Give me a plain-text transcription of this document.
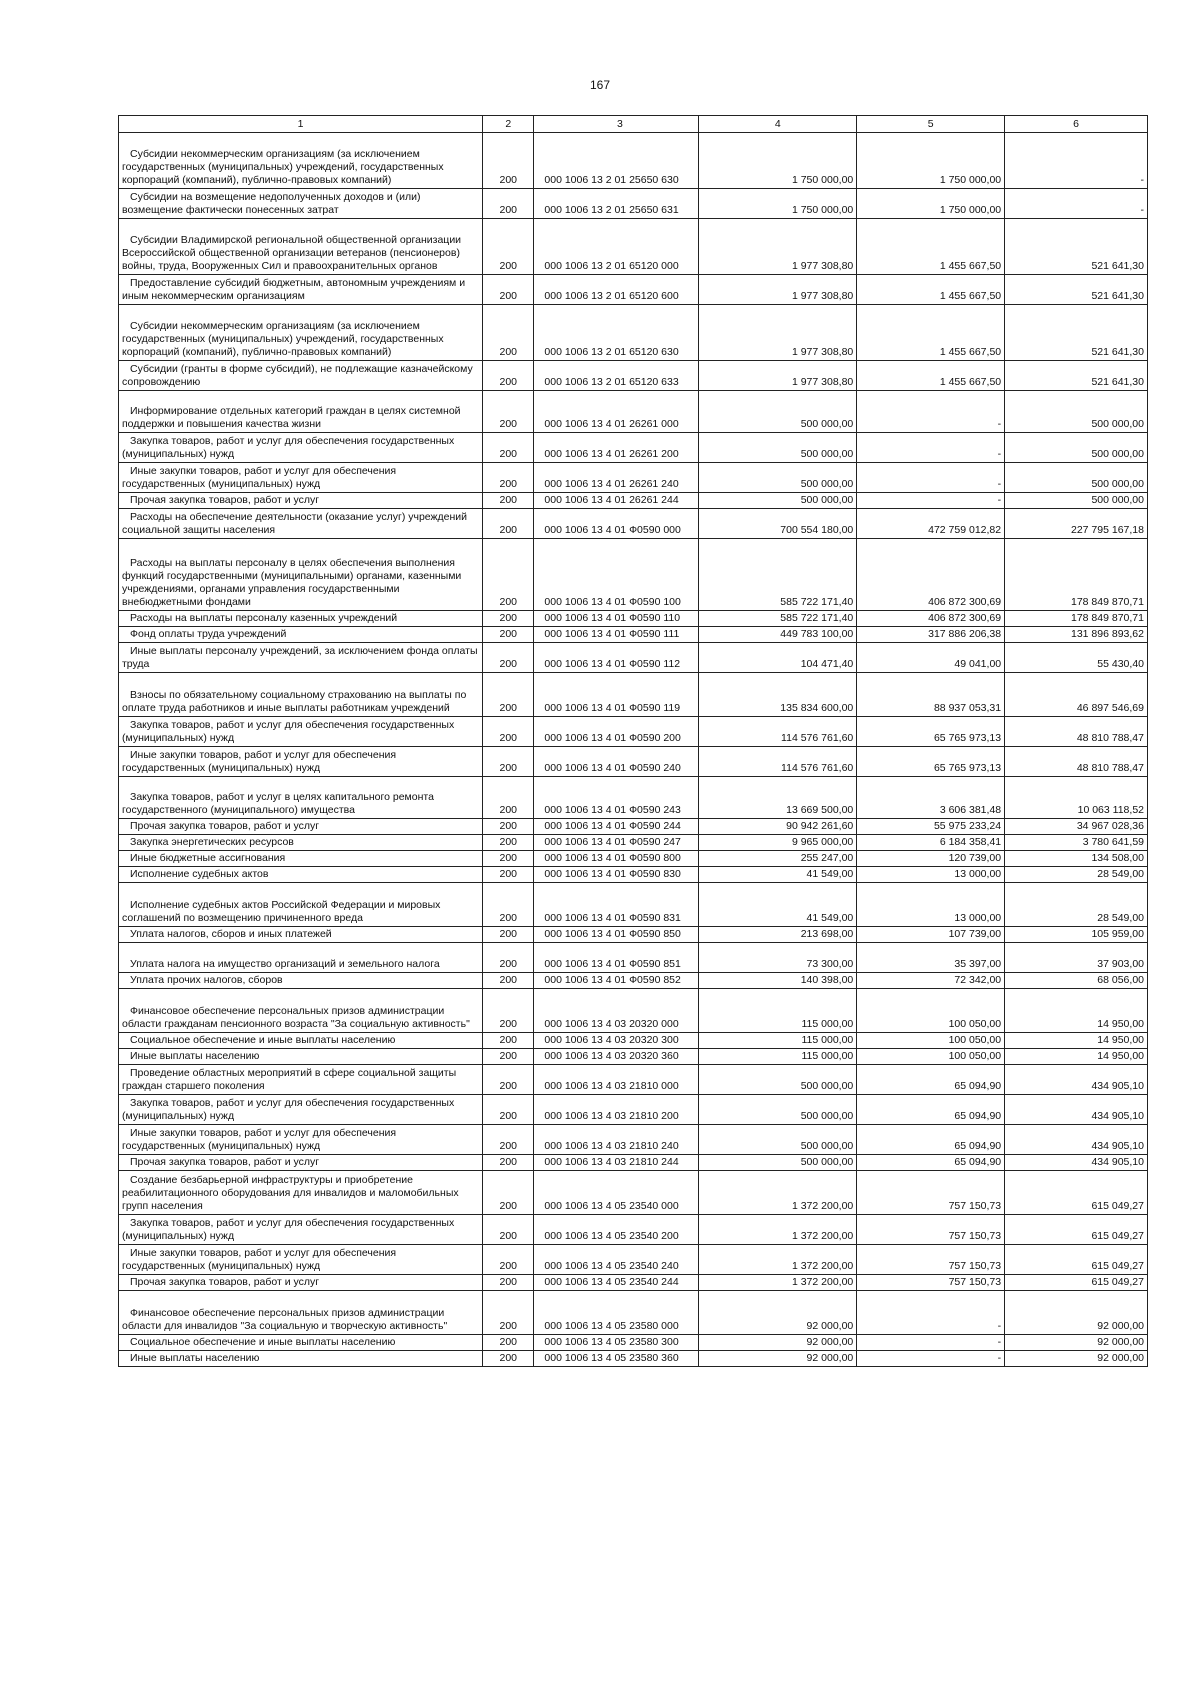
167
1	2	3	4	5	6

Субсидии некоммерческим организациям (за исключением государственных (муниципальных) учреждений, государственных корпораций (компаний), публично-правовых компаний)	200	000 1006 13 2 01 25650 630	1 750 000,00	1 750 000,00	-

Субсидии на возмещение недополученных доходов и (или) возмещение фактически понесенных затрат	200	000 1006 13 2 01 25650 631	1 750 000,00	1 750 000,00	-

Субсидии Владимирской региональной общественной организации Всероссийской общественной организации ветеранов (пенсионеров) войны, труда, Вооруженных Сил и правоохранительных органов	200	000 1006 13 2 01 65120 000	1 977 308,80	1 455 667,50	521 641,30

Предоставление субсидий бюджетным, автономным учреждениям и иным некоммерческим организациям	200	000 1006 13 2 01 65120 600	1 977 308,80	1 455 667,50	521 641,30

Субсидии некоммерческим организациям (за исключением государственных (муниципальных) учреждений, государственных корпораций (компаний), публично-правовых компаний)	200	000 1006 13 2 01 65120 630	1 977 308,80	1 455 667,50	521 641,30

Субсидии (гранты в форме субсидий), не подлежащие казначейскому сопровождению	200	000 1006 13 2 01 65120 633	1 977 308,80	1 455 667,50	521 641,30

Информирование отдельных категорий граждан в целях системной поддержки и повышения качества жизни	200	000 1006 13 4 01 26261 000	500 000,00	-	500 000,00

Закупка товаров, работ и услуг для обеспечения государственных (муниципальных) нужд	200	000 1006 13 4 01 26261 200	500 000,00	-	500 000,00

Иные закупки товаров, работ и услуг для обеспечения государственных (муниципальных) нужд	200	000 1006 13 4 01 26261 240	500 000,00	-	500 000,00

Прочая закупка товаров, работ и услуг	200	000 1006 13 4 01 26261 244	500 000,00	-	500 000,00

Расходы на обеспечение деятельности (оказание услуг) учреждений социальной защиты населения	200	000 1006 13 4 01 Ф0590 000	700 554 180,00	472 759 012,82	227 795 167,18

Расходы на выплаты персоналу в целях обеспечения выполнения функций государственными (муниципальными) органами, казенными учреждениями, органами управления государственными внебюджетными фондами	200	000 1006 13 4 01 Ф0590 100	585 722 171,40	406 872 300,69	178 849 870,71

Расходы на выплаты персоналу казенных учреждений	200	000 1006 13 4 01 Ф0590 110	585 722 171,40	406 872 300,69	178 849 870,71

Фонд оплаты труда учреждений	200	000 1006 13 4 01 Ф0590 111	449 783 100,00	317 886 206,38	131 896 893,62

Иные выплаты персоналу учреждений, за исключением фонда оплаты труда	200	000 1006 13 4 01 Ф0590 112	104 471,40	49 041,00	55 430,40

Взносы по обязательному социальному страхованию на выплаты по оплате труда работников и иные выплаты работникам учреждений	200	000 1006 13 4 01 Ф0590 119	135 834 600,00	88 937 053,31	46 897 546,69

Закупка товаров, работ и услуг для обеспечения государственных (муниципальных) нужд	200	000 1006 13 4 01 Ф0590 200	114 576 761,60	65 765 973,13	48 810 788,47

Иные закупки товаров, работ и услуг для обеспечения государственных (муниципальных) нужд	200	000 1006 13 4 01 Ф0590 240	114 576 761,60	65 765 973,13	48 810 788,47

Закупка товаров, работ и услуг в целях капитального ремонта государственного (муниципального) имущества	200	000 1006 13 4 01 Ф0590 243	13 669 500,00	3 606 381,48	10 063 118,52

Прочая закупка товаров, работ и услуг	200	000 1006 13 4 01 Ф0590 244	90 942 261,60	55 975 233,24	34 967 028,36

Закупка энергетических ресурсов	200	000 1006 13 4 01 Ф0590 247	9 965 000,00	6 184 358,41	3 780 641,59

Иные бюджетные ассигнования	200	000 1006 13 4 01 Ф0590 800	255 247,00	120 739,00	134 508,00

Исполнение судебных актов	200	000 1006 13 4 01 Ф0590 830	41 549,00	13 000,00	28 549,00

Исполнение судебных актов Российской Федерации и мировых соглашений по возмещению причиненного вреда	200	000 1006 13 4 01 Ф0590 831	41 549,00	13 000,00	28 549,00

Уплата налогов, сборов и иных платежей	200	000 1006 13 4 01 Ф0590 850	213 698,00	107 739,00	105 959,00

Уплата налога на имущество организаций и земельного налога	200	000 1006 13 4 01 Ф0590 851	73 300,00	35 397,00	37 903,00

Уплата прочих налогов, сборов	200	000 1006 13 4 01 Ф0590 852	140 398,00	72 342,00	68 056,00

Финансовое обеспечение персональных призов администрации области гражданам пенсионного возраста "За социальную активность"	200	000 1006 13 4 03 20320 000	115 000,00	100 050,00	14 950,00

Социальное обеспечение и иные выплаты населению	200	000 1006 13 4 03 20320 300	115 000,00	100 050,00	14 950,00

Иные выплаты населению	200	000 1006 13 4 03 20320 360	115 000,00	100 050,00	14 950,00

Проведение областных мероприятий в сфере социальной защиты граждан старшего поколения	200	000 1006 13 4 03 21810 000	500 000,00	65 094,90	434 905,10

Закупка товаров, работ и услуг для обеспечения государственных (муниципальных) нужд	200	000 1006 13 4 03 21810 200	500 000,00	65 094,90	434 905,10

Иные закупки товаров, работ и услуг для обеспечения государственных (муниципальных) нужд	200	000 1006 13 4 03 21810 240	500 000,00	65 094,90	434 905,10

Прочая закупка товаров, работ и услуг	200	000 1006 13 4 03 21810 244	500 000,00	65 094,90	434 905,10

Создание безбарьерной инфраструктуры и приобретение реабилитационного оборудования для инвалидов и маломобильных групп населения	200	000 1006 13 4 05 23540 000	1 372 200,00	757 150,73	615 049,27

Закупка товаров, работ и услуг для обеспечения государственных (муниципальных) нужд	200	000 1006 13 4 05 23540 200	1 372 200,00	757 150,73	615 049,27

Иные закупки товаров, работ и услуг для обеспечения государственных (муниципальных) нужд	200	000 1006 13 4 05 23540 240	1 372 200,00	757 150,73	615 049,27

Прочая закупка товаров, работ и услуг	200	000 1006 13 4 05 23540 244	1 372 200,00	757 150,73	615 049,27

Финансовое обеспечение персональных призов администрации области для инвалидов "За социальную и творческую активность"	200	000 1006 13 4 05 23580 000	92 000,00	-	92 000,00

Социальное обеспечение и иные выплаты населению	200	000 1006 13 4 05 23580 300	92 000,00	-	92 000,00

Иные выплаты населению	200	000 1006 13 4 05 23580 360	92 000,00	-	92 000,00
